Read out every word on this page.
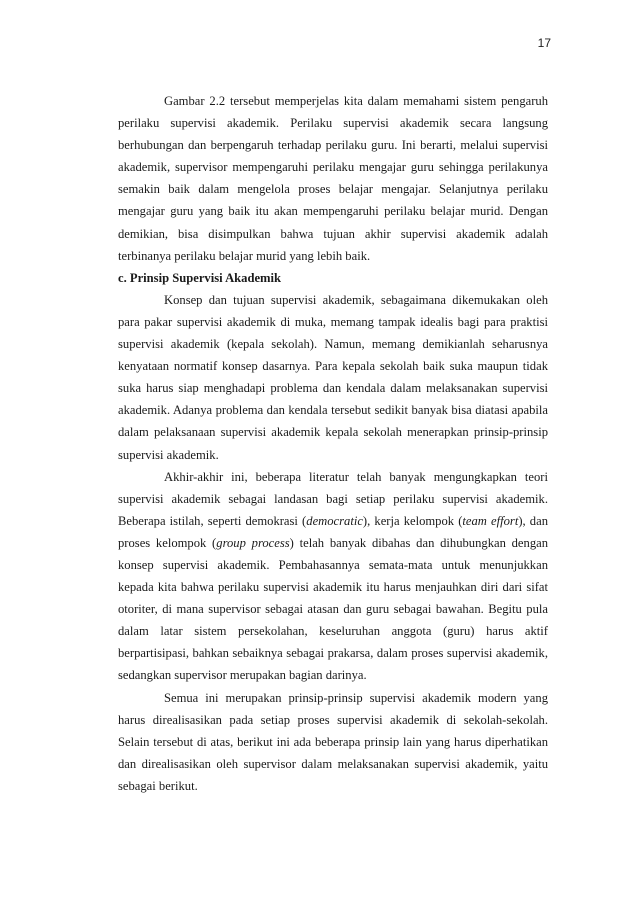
17

Gambar 2.2 tersebut memperjelas kita dalam memahami sistem pengaruh perilaku supervisi akademik. Perilaku supervisi akademik secara langsung berhubungan dan berpengaruh terhadap perilaku guru. Ini berarti, melalui supervisi akademik, supervisor mempengaruhi perilaku mengajar guru sehingga perilakunya semakin baik dalam mengelola proses belajar mengajar. Selanjutnya perilaku mengajar guru yang baik itu akan mempengaruhi perilaku belajar murid. Dengan demikian, bisa disimpulkan bahwa tujuan akhir supervisi akademik adalah terbinanya perilaku belajar murid yang lebih baik.

c. Prinsip Supervisi Akademik

Konsep dan tujuan supervisi akademik, sebagaimana dikemukakan oleh para pakar supervisi akademik di muka, memang tampak idealis bagi para praktisi supervisi akademik (kepala sekolah). Namun, memang demikianlah seharusnya kenyataan normatif konsep dasarnya. Para kepala sekolah baik suka maupun tidak suka harus siap menghadapi problema dan kendala dalam melaksanakan supervisi akademik. Adanya problema dan kendala tersebut sedikit banyak bisa diatasi apabila dalam pelaksanaan supervisi akademik kepala sekolah menerapkan prinsip-prinsip supervisi akademik.

Akhir-akhir ini, beberapa literatur telah banyak mengungkapkan teori supervisi akademik sebagai landasan bagi setiap perilaku supervisi akademik. Beberapa istilah, seperti demokrasi (democratic), kerja kelompok (team effort), dan proses kelompok (group process) telah banyak dibahas dan dihubungkan dengan konsep supervisi akademik. Pembahasannya semata-mata untuk menunjukkan kepada kita bahwa perilaku supervisi akademik itu harus menjauhkan diri dari sifat otoriter, di mana supervisor sebagai atasan dan guru sebagai bawahan. Begitu pula dalam latar sistem persekolahan, keseluruhan anggota (guru) harus aktif berpartisipasi, bahkan sebaiknya sebagai prakarsa, dalam proses supervisi akademik, sedangkan supervisor merupakan bagian darinya.

Semua ini merupakan prinsip-prinsip supervisi akademik modern yang harus direalisasikan pada setiap proses supervisi akademik di sekolah-sekolah. Selain tersebut di atas, berikut ini ada beberapa prinsip lain yang harus diperhatikan dan direalisasikan oleh supervisor dalam melaksanakan supervisi akademik, yaitu sebagai berikut.
